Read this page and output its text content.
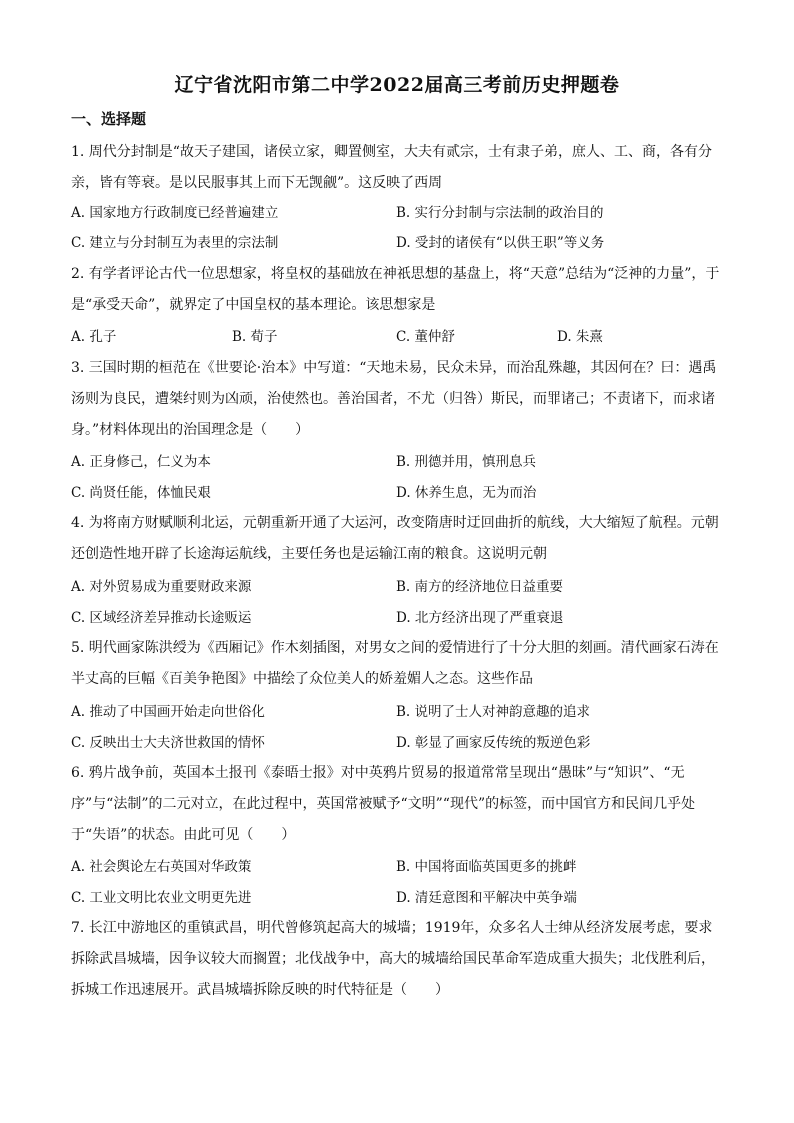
辽宁省沈阳市第二中学2022届高三考前历史押题卷
一、选择题
1. 周代分封制是“故天子建国，诸侯立家，卿置侧室，大夫有贰宗，士有隶子弟，庶人、工、商，各有分亲，皆有等衰。是以民服事其上而下无觊觎”。这反映了西周
A. 国家地方行政制度已经普遍建立	B. 实行分封制与宗法制的政治目的
C. 建立与分封制互为表里的宗法制	D. 受封的诸侯有“以供王职”等义务
2. 有学者评论古代一位思想家，将皇权的基础放在神祇思想的基盘上，将“天意”总结为“泛神的力量”，于是“承受天命”，就界定了中国皇权的基本理论。该思想家是
A. 孔子	B. 荀子	C. 董仲舒	D. 朱熹
3. 三国时期的桓范在《世要论·治本》中写道：“天地未易，民众未异，而治乱殊趣，其因何在？曰：遇禹汤则为良民，遭桀纣则为凶顽，治使然也。善治国者，不尤（归咎）斯民，而罪诸己；不责诸下，而求诸身。”材料体现出的治国理念是（　　）
A. 正身修己，仁义为本	B. 刑德并用，慎刑息兵
C. 尚贤任能，体恤民艰	D. 休养生息，无为而治
4. 为将南方财赋顺利北运，元朝重新开通了大运河，改变隋唐时迂回曲折的航线，大大缩短了航程。元朝还创造性地开辟了长途海运航线，主要任务也是运输江南的粮食。这说明元朝
A. 对外贸易成为重要财政来源	B. 南方的经济地位日益重要
C. 区域经济差异推动长途贩运	D. 北方经济出现了严重衰退
5. 明代画家陈洪绶为《西厢记》作木刻插图，对男女之间的爱情进行了十分大胆的刻画。清代画家石涛在半丈高的巨幅《百美争艳图》中描绘了众位美人的娇羞媚人之态。这些作品
A. 推动了中国画开始走向世俗化	B. 说明了士人对神韵意趣的追求
C. 反映出士大夫济世救国的情怀	D. 彰显了画家反传统的叛逆色彩
6. 鸦片战争前，英国本土报刊《泰晤士报》对中英鸦片贸易的报道常常呈现出“愚昧”与“知识”、“无序”与“法制”的二元对立，在此过程中，英国常被赋予“文明”“现代”的标签，而中国官方和民间几乎处于“失语”的状态。由此可见（　　）
A. 社会舆论左右英国对华政策	B. 中国将面临英国更多的挑衅
C. 工业文明比农业文明更先进	D. 清廷意图和平解决中英争端
7. 长江中游地区的重镇武昌，明代曾修筑起高大的城墙；1919年，众多名人士绅从经济发展考虑，要求拆除武昌城墙，因争议较大而搁置；北伐战争中，高大的城墙给国民革命军造成重大损失；北伐胜利后，拆城工作迅速展开。武昌城墙拆除反映的时代特征是（　　）
